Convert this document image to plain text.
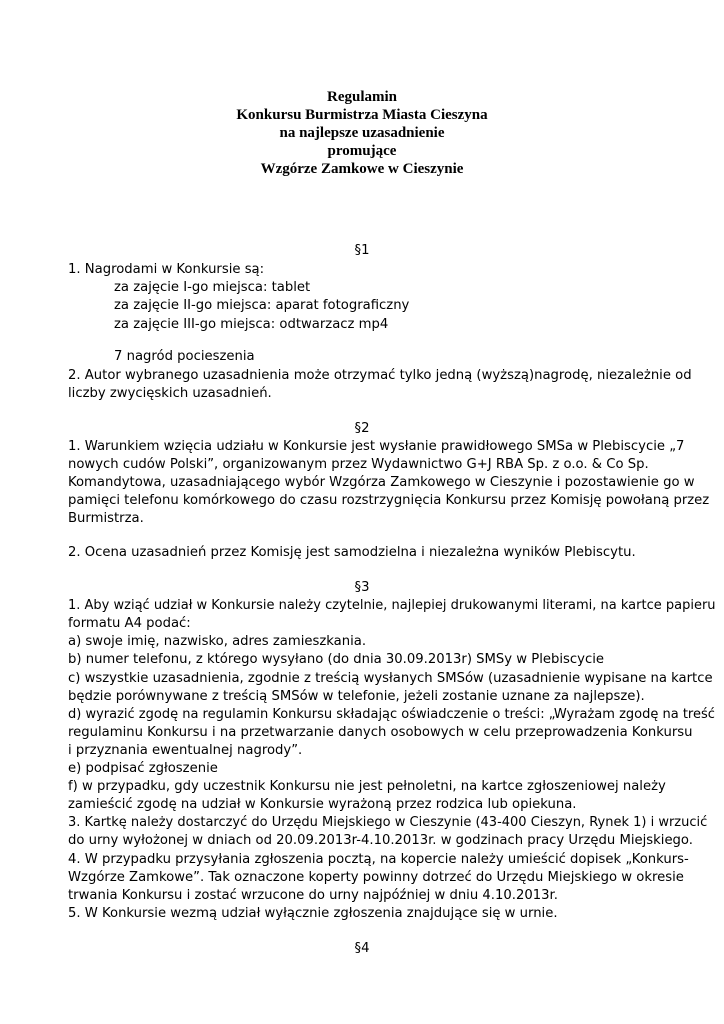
Regulamin
Konkursu Burmistrza Miasta Cieszyna
na najlepsze uzasadnienie
promujące
Wzgórze Zamkowe w Cieszynie
§1
1. Nagrodami w Konkursie są:
za zajęcie I-go miejsca: tablet
za zajęcie II-go miejsca: aparat fotograficzny
za zajęcie III-go miejsca: odtwarzacz mp4
7 nagród pocieszenia
2. Autor wybranego uzasadnienia może otrzymać tylko jedną (wyższą)nagrodę, niezależnie od
liczby zwycięskich uzasadnień.
§2
1. Warunkiem wzięcia udziału w Konkursie jest wysłanie prawidłowego SMSa w Plebiscycie „7
nowych cudów Polski”, organizowanym przez Wydawnictwo G+J RBA Sp. z o.o. & Co Sp.
Komandytowa, uzasadniającego wybór Wzgórza Zamkowego w Cieszynie i pozostawienie go w
pamięci telefonu komórkowego do czasu rozstrzygnięcia Konkursu przez Komisję powołaną przez
Burmistrza.
2. Ocena uzasadnień przez Komisję jest samodzielna i niezależna wyników Plebiscytu.
§3
1. Aby wziąć udział w Konkursie należy czytelnie, najlepiej drukowanymi literami, na kartce papieru
formatu A4 podać:
a) swoje imię, nazwisko, adres zamieszkania.
b) numer telefonu, z którego wysyłano (do dnia 30.09.2013r) SMSy w Plebiscycie
c) wszystkie uzasadnienia, zgodnie z treścią wysłanych SMSów (uzasadnienie wypisane na kartce
będzie porównywane z treścią SMSów w telefonie, jeżeli zostanie uznane za najlepsze).
d) wyrazić zgodę na regulamin Konkursu składając oświadczenie o treści: „Wyrażam zgodę na treść
regulaminu Konkursu i na przetwarzanie danych osobowych w celu przeprowadzenia Konkursu
i przyznania ewentualnej nagrody”.
e) podpisać zgłoszenie
f) w przypadku, gdy uczestnik Konkursu nie jest pełnoletni, na kartce zgłoszeniowej należy
zamieścić zgodę na udział w Konkursie wyrażoną przez rodzica lub opiekuna.
3. Kartkę należy dostarczyć do Urzędu Miejskiego w Cieszynie (43-400 Cieszyn, Rynek 1) i wrzucić
do urny wyłożonej w dniach od 20.09.2013r-4.10.2013r. w godzinach pracy Urzędu Miejskiego.
4. W przypadku przysyłania zgłoszenia pocztą, na kopercie należy umieścić dopisek „Konkurs-
Wzgórze Zamkowe”. Tak oznaczone koperty powinny dotrzeć do Urzędu Miejskiego w okresie
trwania Konkursu i zostać wrzucone do urny najpóźniej w dniu 4.10.2013r.
5. W Konkursie wezmą udział wyłącznie zgłoszenia znajdujące się w urnie.
§4
